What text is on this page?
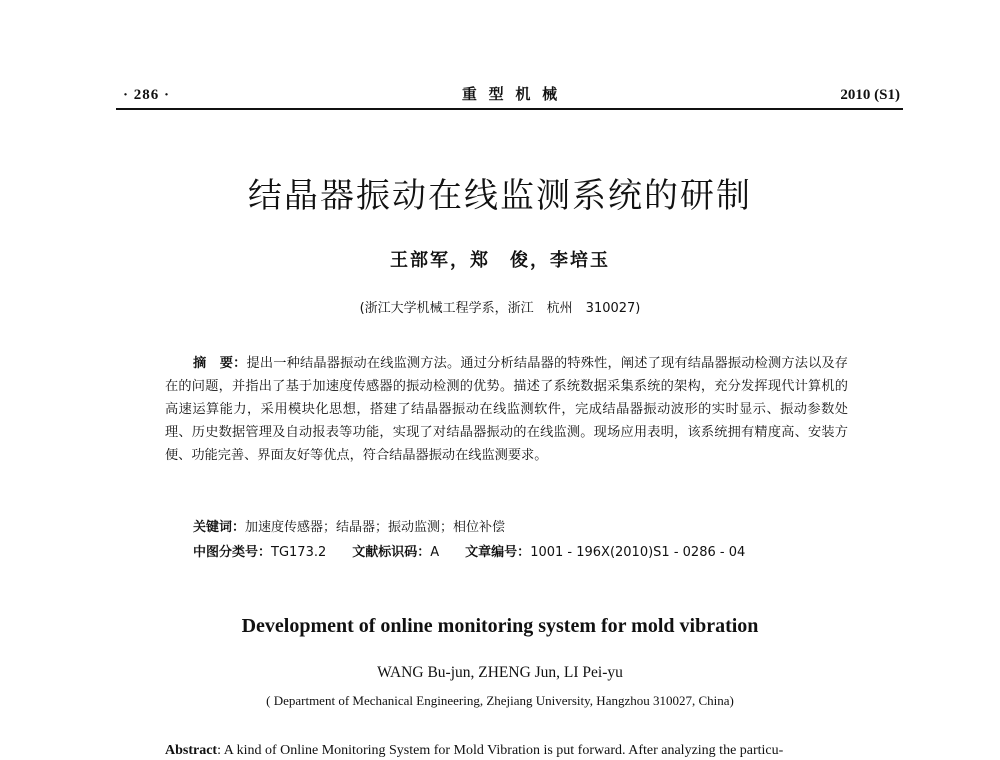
· 286 ·	重 型 机 械	2010 (S1)
结晶器振动在线监测系统的研制
王部军，郑　俊，李培玉
(浙江大学机械工程学系，浙江　杭州　310027)
摘　要：提出一种结晶器振动在线监测方法。通过分析结晶器的特殊性，阐述了现有结晶器振动检测方法以及存在的问题，并指出了基于加速度传感器的振动检测的优势。描述了系统数据采集系统的架构，充分发挥现代计算机的高速运算能力，采用模块化思想，搭建了结晶器振动在线监测软件，完成结晶器振动波形的实时显示、振动参数处理、历史数据管理及自动报表等功能，实现了对结晶器振动的在线监测。现场应用表明，该系统拥有精度高、安装方便、功能完善、界面友好等优点，符合结晶器振动在线监测要求。
关键词：加速度传感器；结晶器；振动监测；相位补偿
中图分类号：TG173.2 文献标识码：A 文章编号：1001 - 196X(2010)S1 - 0286 - 04
Development of online monitoring system for mold vibration
WANG Bu-jun, ZHENG Jun, LI Pei-yu
( Department of Mechanical Engineering, Zhejiang University, Hangzhou 310027, China)
Abstract: A kind of Online Monitoring System for Mold Vibration is put forward. After analyzing the particu-
